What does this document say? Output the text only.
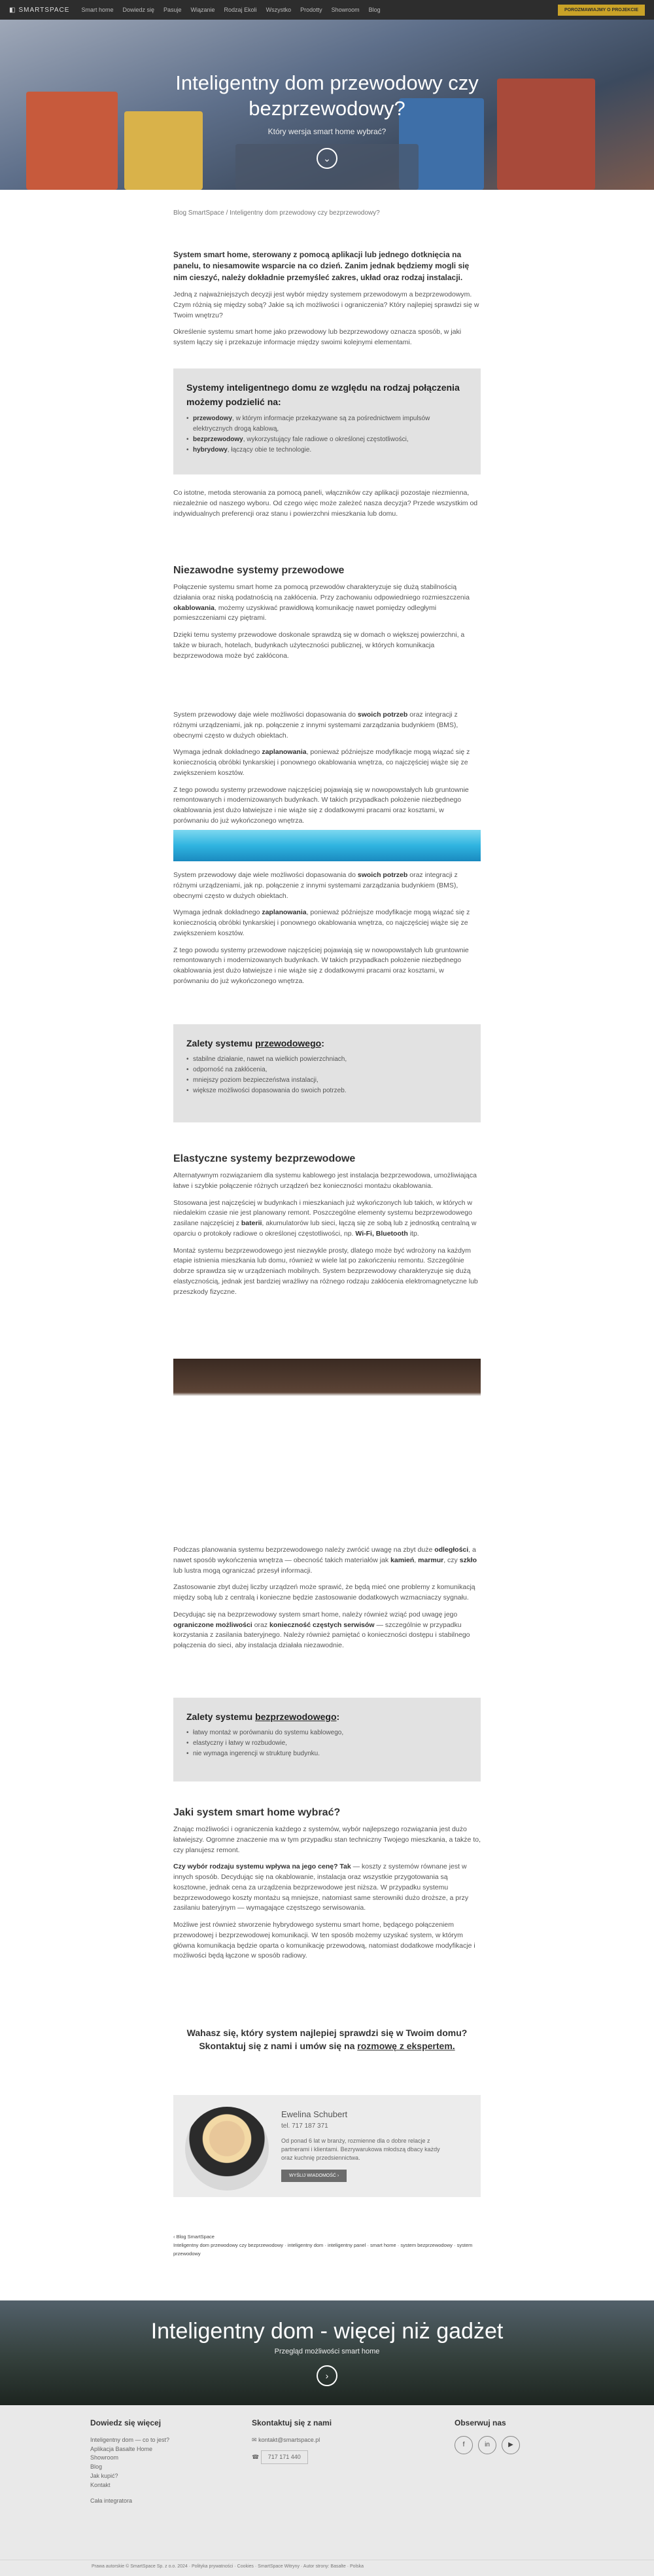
◧ SMARTSPACE Smart home Dowiedz się Pasuje Wiązanie Rodzaj Ekoli Wszystko Prodotty Showroom Blog	POROZMAWIAJMY O PROJEKCIE
Inteligentny dom przewodowy czy bezprzewodowy?
Który wersja smart home wybrać?
⌄
Blog SmartSpace / Inteligentny dom przewodowy czy bezprzewodowy?

System smart home, sterowany z pomocą aplikacji lub jednego dotknięcia na panelu, to niesamowite wsparcie na co dzień. Zanim jednak będziemy mogli się nim cieszyć, należy dokładnie przemyśleć zakres, układ oraz rodzaj instalacji.

Jedną z najważniejszych decyzji jest wybór między systemem przewodowym a bezprzewodowym. Czym różnią się między sobą? Jakie są ich możliwości i ograniczenia? Który najlepiej sprawdzi się w Twoim wnętrzu?

Określenie systemu smart home jako przewodowy lub bezprzewodowy oznacza sposób, w jaki system łączy się i przekazuje informacje między swoimi kolejnymi elementami.

Systemy inteligentnego domu ze względu na rodzaj połączenia możemy podzielić na:
• przewodowy, w którym informacje przekazywane są za pośrednictwem impulsów elektrycznych drogą kablową,
• bezprzewodowy, wykorzystujący fale radiowe o określonej częstotliwości,
• hybrydowy, łączący obie te technologie.

Co istotne, metoda sterowania za pomocą paneli, włączników czy aplikacji pozostaje niezmienna, niezależnie od naszego wyboru. Od czego więc może zależeć nasza decyzja? Przede wszystkim od indywidualnych preferencji oraz stanu i powierzchni mieszkania lub domu.

Niezawodne systemy przewodowe

Połączenie systemu smart home za pomocą przewodów charakteryzuje się dużą stabilnością działania oraz niską podatnością na zakłócenia. Przy zachowaniu odpowiedniego rozmieszczenia okablowania, możemy uzyskiwać prawidłową komunikację nawet pomiędzy odległymi pomieszczeniami czy piętrami.

Dzięki temu systemy przewodowe doskonale sprawdzą się w domach o większej powierzchni, a także w biurach, hotelach, budynkach użyteczności publicznej, w których komunikacja bezprzewodowa może być zakłócona.

System przewodowy daje wiele możliwości dopasowania do swoich potrzeb oraz integracji z różnymi urządzeniami, jak np. połączenie z innymi systemami zarządzania budynkiem (BMS), obecnymi często w dużych obiektach.

Wymaga jednak dokładnego zaplanowania, ponieważ późniejsze modyfikacje mogą wiązać się z koniecznością obróbki tynkarskiej i ponownego okablowania wnętrza, co najczęściej wiąże się ze zwiększeniem kosztów.

Z tego powodu systemy przewodowe najczęściej pojawiają się w nowopowstałych lub gruntownie remontowanych i modernizowanych budynkach. W takich przypadkach położenie niezbędnego okablowania jest dużo łatwiejsze i nie wiąże się z dodatkowymi pracami oraz kosztami, w porównaniu do już wykończonego wnętrza.

System przewodowy daje wiele możliwości dopasowania do swoich potrzeb oraz integracji z różnymi urządzeniami, jak np. połączenie z innymi systemami zarządzania budynkiem (BMS), obecnymi często w dużych obiektach.

Wymaga jednak dokładnego zaplanowania, ponieważ późniejsze modyfikacje mogą wiązać się z koniecznością obróbki tynkarskiej i ponownego okablowania wnętrza, co najczęściej wiąże się ze zwiększeniem kosztów.

Z tego powodu systemy przewodowe najczęściej pojawiają się w nowopowstałych lub gruntownie remontowanych i modernizowanych budynkach. W takich przypadkach położenie niezbędnego okablowania jest dużo łatwiejsze i nie wiąże się z dodatkowymi pracami oraz kosztami, w porównaniu do już wykończonego wnętrza.

Zalety systemu przewodowego:
• stabilne działanie, nawet na wielkich powierzchniach,
• odporność na zakłócenia,
• mniejszy poziom bezpieczeństwa instalacji,
• większe możliwości dopasowania do swoich potrzeb.
Elastyczne systemy bezprzewodowe

Alternatywnym rozwiązaniem dla systemu kablowego jest instalacja bezprzewodowa, umożliwiająca łatwe i szybkie połączenie różnych urządzeń bez konieczności montażu okablowania.

Stosowana jest najczęściej w budynkach i mieszkaniach już wykończonych lub takich, w których w niedalekim czasie nie jest planowany remont. Poszczególne elementy systemu bezprzewodowego zasilane najczęściej z baterii, akumulatorów lub sieci, łączą się ze sobą lub z jednostką centralną w oparciu o protokoły radiowe o określonej częstotliwości, np. Wi-Fi, Bluetooth itp.

Montaż systemu bezprzewodowego jest niezwykle prosty, dlatego może być wdrożony na każdym etapie istnienia mieszkania lub domu, również w wiele lat po zakończeniu remontu. Szczególnie dobrze sprawdza się w urządzeniach mobilnych. System bezprzewodowy charakteryzuje się dużą elastycznością, jednak jest bardziej wrażliwy na różnego rodzaju zakłócenia elektromagnetyczne lub przeszkody fizyczne.

Podczas planowania systemu bezprzewodowego należy zwrócić uwagę na zbyt duże odległości, a nawet sposób wykończenia wnętrza — obecność takich materiałów jak kamień, marmur, czy szkło lub lustra mogą ograniczać przesył informacji.

Zastosowanie zbyt dużej liczby urządzeń może sprawić, że będą mieć one problemy z komunikacją między sobą lub z centralą i konieczne będzie zastosowanie dodatkowych wzmacniaczy sygnału.

Decydując się na bezprzewodowy system smart home, należy również wziąć pod uwagę jego ograniczone możliwości oraz konieczność częstych serwisów — szczególnie w przypadku korzystania z zasilania bateryjnego. Należy również pamiętać o konieczności dostępu i stabilnego połączenia do sieci, aby instalacja działała niezawodnie.

Zalety systemu bezprzewodowego:
• łatwy montaż w porównaniu do systemu kablowego,
• elastyczny i łatwy w rozbudowie,
• nie wymaga ingerencji w strukturę budynku.
Jaki system smart home wybrać?

Znając możliwości i ograniczenia każdego z systemów, wybór najlepszego rozwiązania jest dużo łatwiejszy. Ogromne znaczenie ma w tym przypadku stan techniczny Twojego mieszkania, a także to, czy planujesz remont.

Czy wybór rodzaju systemu wpływa na jego cenę? Tak — koszty z systemów równane jest w innych sposób. Decydując się na okablowanie, instalacja oraz wszystkie przygotowania są kosztowne, jednak cena za urządzenia bezprzewodowe jest niższa. W przypadku systemu bezprzewodowego koszty montażu są mniejsze, natomiast same sterowniki dużo droższe, a przy zasilaniu bateryjnym — wymagające częstszego serwisowania.

Możliwe jest również stworzenie hybrydowego systemu smart home, będącego połączeniem przewodowej i bezprzewodowej komunikacji. W ten sposób możemy uzyskać system, w którym główna komunikacja będzie oparta o komunikację przewodową, natomiast dodatkowe modyfikacje i możliwości będą łączone w sposób radiowy.

Wahasz się, który system najlepiej sprawdzi się w Twoim domu? Skontaktuj się z nami i umów się na rozmowę z ekspertem.
Ewelina Schubert
tel. 717 187 371
Od ponad 6 lat w branży, rozmienne dla o dobre relacje z partnerami i klientami. Bezrywarukowa młodszą dbacy każdy oraz kuchnię przedsiennictwa.
WYŚLIJ WIADOMOŚĆ ›
‹ Blog SmartSpace
Inteligentny dom przewodowy czy bezprzewodowy · inteligentny dom · inteligentny panel · smart home · system bezprzewodowy · system przewodowy
Inteligentny dom - więcej niż gadżet
Przegląd możliwości smart home
›
Dowiedz się więcej
Inteligentny dom — co to jest?
Aplikacja Basalte Home
Showroom
Blog
Jak kupić?
Kontakt
Cała integratora
Skontaktuj się z nami
✉ kontakt@smartspace.pl
☎ 717 171 440
Obserwuj nas
f	in	▶
Prawa autorskie © SmartSpace Sp. z o.o. 2024 · Polityka prywatności · Cookies · SmartSpace Witryny · Autor strony: Basalte · Polska
